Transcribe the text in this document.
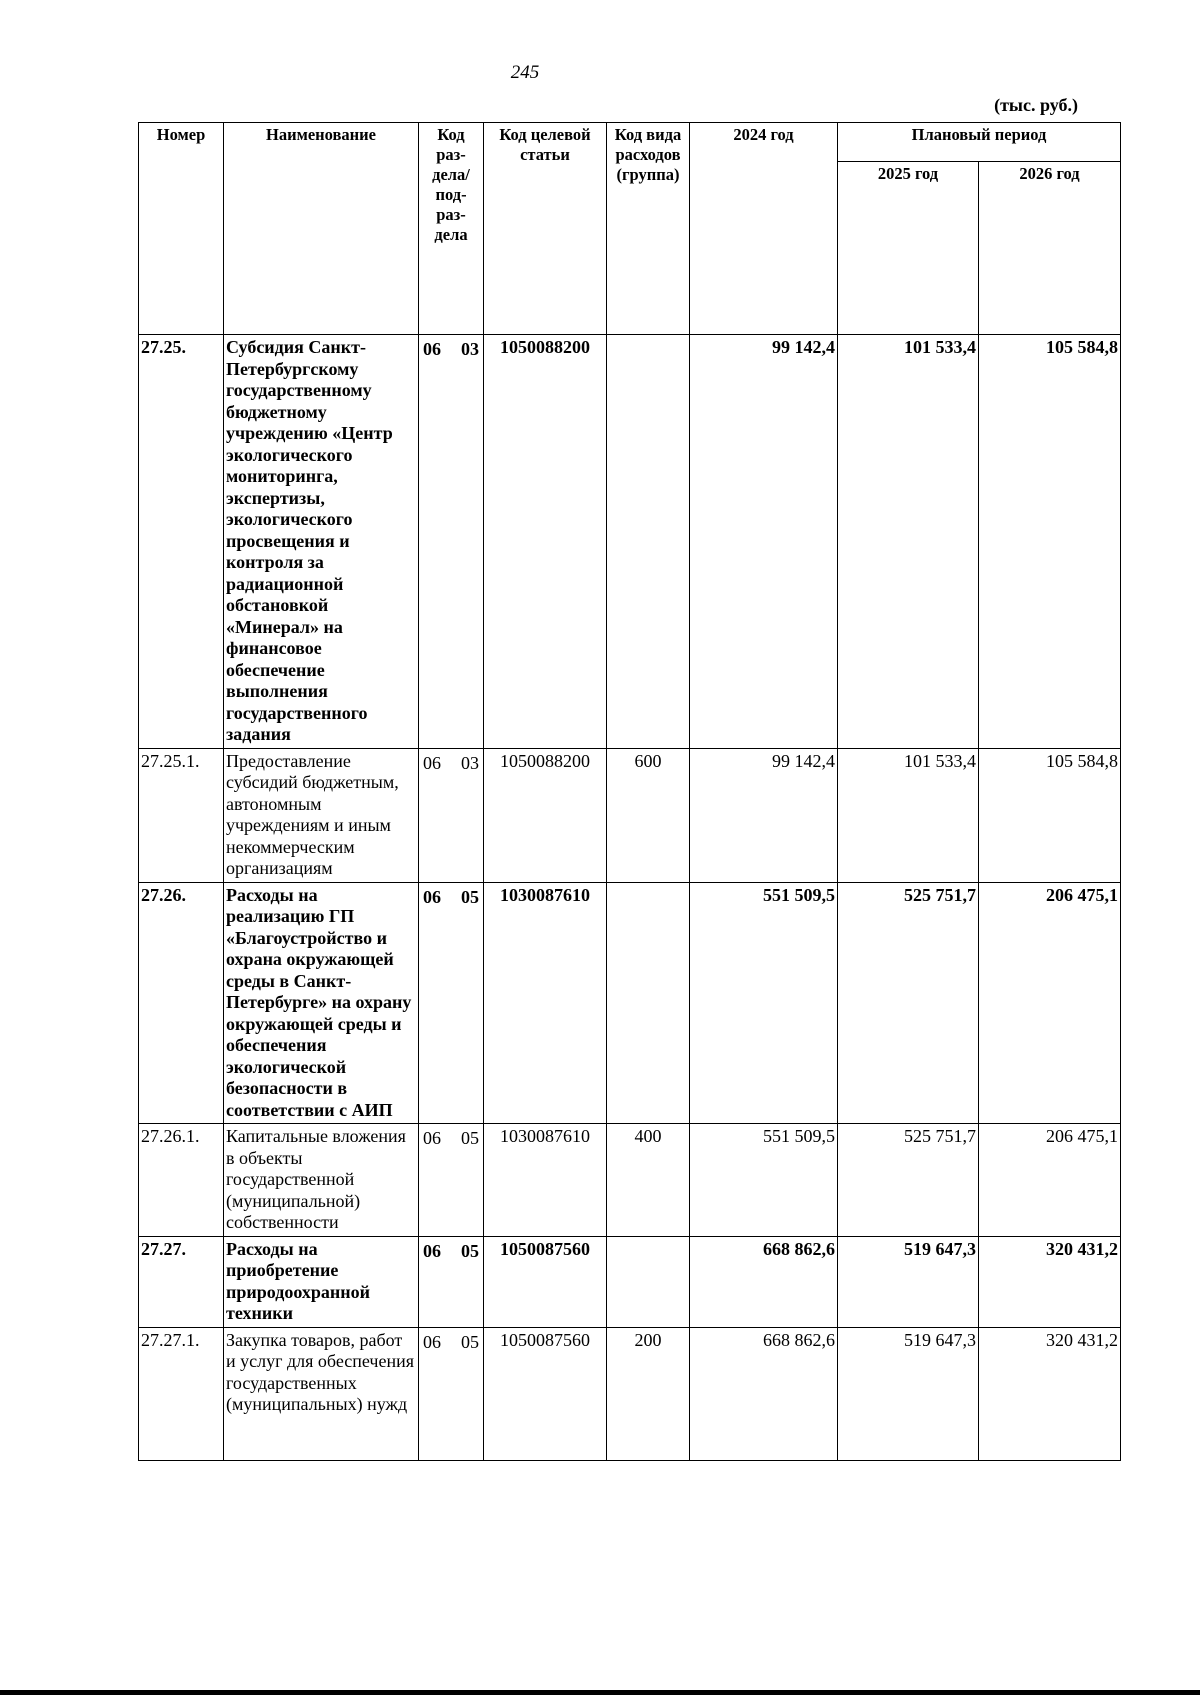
245
(тыс. руб.)
Номер	Наименование	Код раз-дела/ под-раз-дела	Код целевой статьи	Код вида расходов (группа)	2024 год	Плановый период	
						2025 год	2026 год
27.25.	Субсидия Санкт-Петербургскому государственному бюджетному учреждению «Центр экологического мониторинга, экспертизы, экологического просвещения и контроля за радиационной обстановкой «Минерал» на финансовое обеспечение выполнения государственного задания	06 03	1050088200		99 142,4	101 533,4	105 584,8
27.25.1.	Предоставление субсидий бюджетным, автономным учреждениям и иным некоммерческим организациям	06 03	1050088200	600	99 142,4	101 533,4	105 584,8
27.26.	Расходы на реализацию ГП «Благоустройство и охрана окружающей среды в Санкт-Петербурге» на охрану окружающей среды и обеспечения экологической безопасности в соответствии с АИП	06 05	1030087610		551 509,5	525 751,7	206 475,1
27.26.1.	Капитальные вложения в объекты государственной (муниципальной) собственности	06 05	1030087610	400	551 509,5	525 751,7	206 475,1
27.27.	Расходы на приобретение природоохранной техники	06 05	1050087560		668 862,6	519 647,3	320 431,2
27.27.1.	Закупка товаров, работ и услуг для обеспечения государственных (муниципальных) нужд	06 05	1050087560	200	668 862,6	519 647,3	320 431,2
